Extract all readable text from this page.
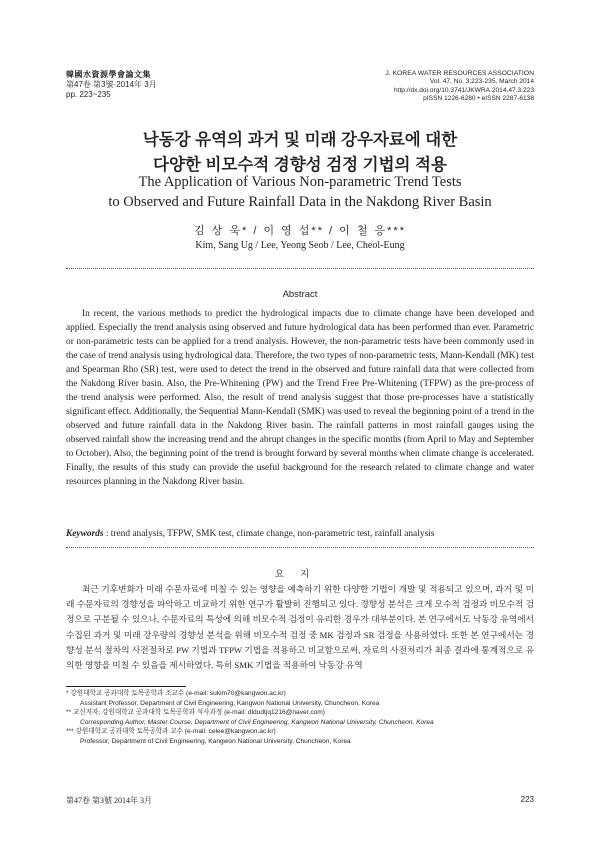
韓國水資源學會論文集
第47卷 第3號·2014年 3月
pp. 223~235
J. KOREA WATER RESOURCES ASSOCIATION
Vol. 47, No. 3:223-235, March 2014
http://dx.doi.org/10.3741/JKWRA.2014.47.3.223
pISSN 1226-6280 • eISSN 2287-6138
낙동강 유역의 과거 및 미래 강우자료에 대한
다양한 비모수적 경향성 검정 기법의 적용
The Application of Various Non-parametric Trend Tests
to Observed and Future Rainfall Data in the Nakdong River Basin
김 상 욱* / 이 영 섭** / 이 철 응***
Kim, Sang Ug / Lee, Yeong Seob / Lee, Cheol-Eung
Abstract
In recent, the various methods to predict the hydrological impacts due to climate change have been developed and applied. Especially the trend analysis using observed and future hydrological data has been performed than ever. Parametric or non-parametric tests can be applied for a trend analysis. However, the non-parametric tests have been commonly used in the case of trend analysis using hydrological data. Therefore, the two types of non-parametric tests, Mann-Kendall (MK) test and Spearman Rho (SR) test, were used to detect the trend in the observed and future rainfall data that were collected from the Nakdong River basin. Also, the Pre-Whitening (PW) and the Trend Free Pre-Whitening (TFPW) as the pre-process of the trend analysis were performed. Also, the result of trend analysis suggest that those pre-processes have a statistically significant effect. Additionally, the Sequential Mann-Kendall (SMK) was used to reveal the beginning point of a trend in the observed and future rainfall data in the Nakdong River basin. The rainfall patterns in most rainfall gauges using the observed rainfall show the increasing trend and the abrupt changes in the specific months (from April to May and September to October). Also, the beginning point of the trend is brought forward by several months when climate change is accelerated. Finally, the results of this study can provide the useful background for the research related to climate change and water resources planning in the Nakdong River basin.
Keywords : trend analysis, TFPW, SMK test, climate change, non-parametric test, rainfall analysis
요지
최근 기후변화가 미래 수문자료에 미칠 수 있는 영향을 예측하기 위한 다양한 기법이 개발 및 적용되고 있으며, 과거 및 미래 수문자료의 경향성을 파악하고 비교하기 위한 연구가 활발히 진행되고 있다. 경향성 분석은 크게 모수적 검정과 비모수적 검정으로 구분될 수 있으나, 수문자료의 특성에 의해 비모수적 검정이 유리한 경우가 대부분이다. 본 연구에서도 낙동강 유역에서 수집된 과거 및 미래 강우량의 경향성 분석을 위해 비모수적 검정 중 MK 검정과 SR 검정을 사용하였다. 또한 본 연구에서는 경향성 분석 절차의 사전절차로 PW 기법과 TFPW 기법을 적용하고 비교함으로써, 자료의 사전처리가 최종 결과에 통계적으로 유의한 영향을 미칠 수 있음을 제시하였다. 특히 SMK 기법을 적용하여 낙동강 유역
* 강원대학교 공과대학 토목공학과 조교수 (e-mail: sukim70@kangwon.ac.kr)
Assistant Professor, Department of Civil Engineering, Kangwon National University, Chuncheon, Korea
** 교신저자, 강원대학교 공과대학 토목공학과 석사과정 (e-mail: dldudtjq1216@naver.com)
Corresponding Author, Master Course, Department of Civil Engineering, Kangwon National University, Chuncheon, Korea
*** 강원대학교 공과대학 토목공학과 교수 (e-mail: celee@kangwon.ac.kr)
Professor, Department of Civil Engineering, Kangwon National University, Chuncheon, Korea
第47卷 第3號 2014年 3月	223
